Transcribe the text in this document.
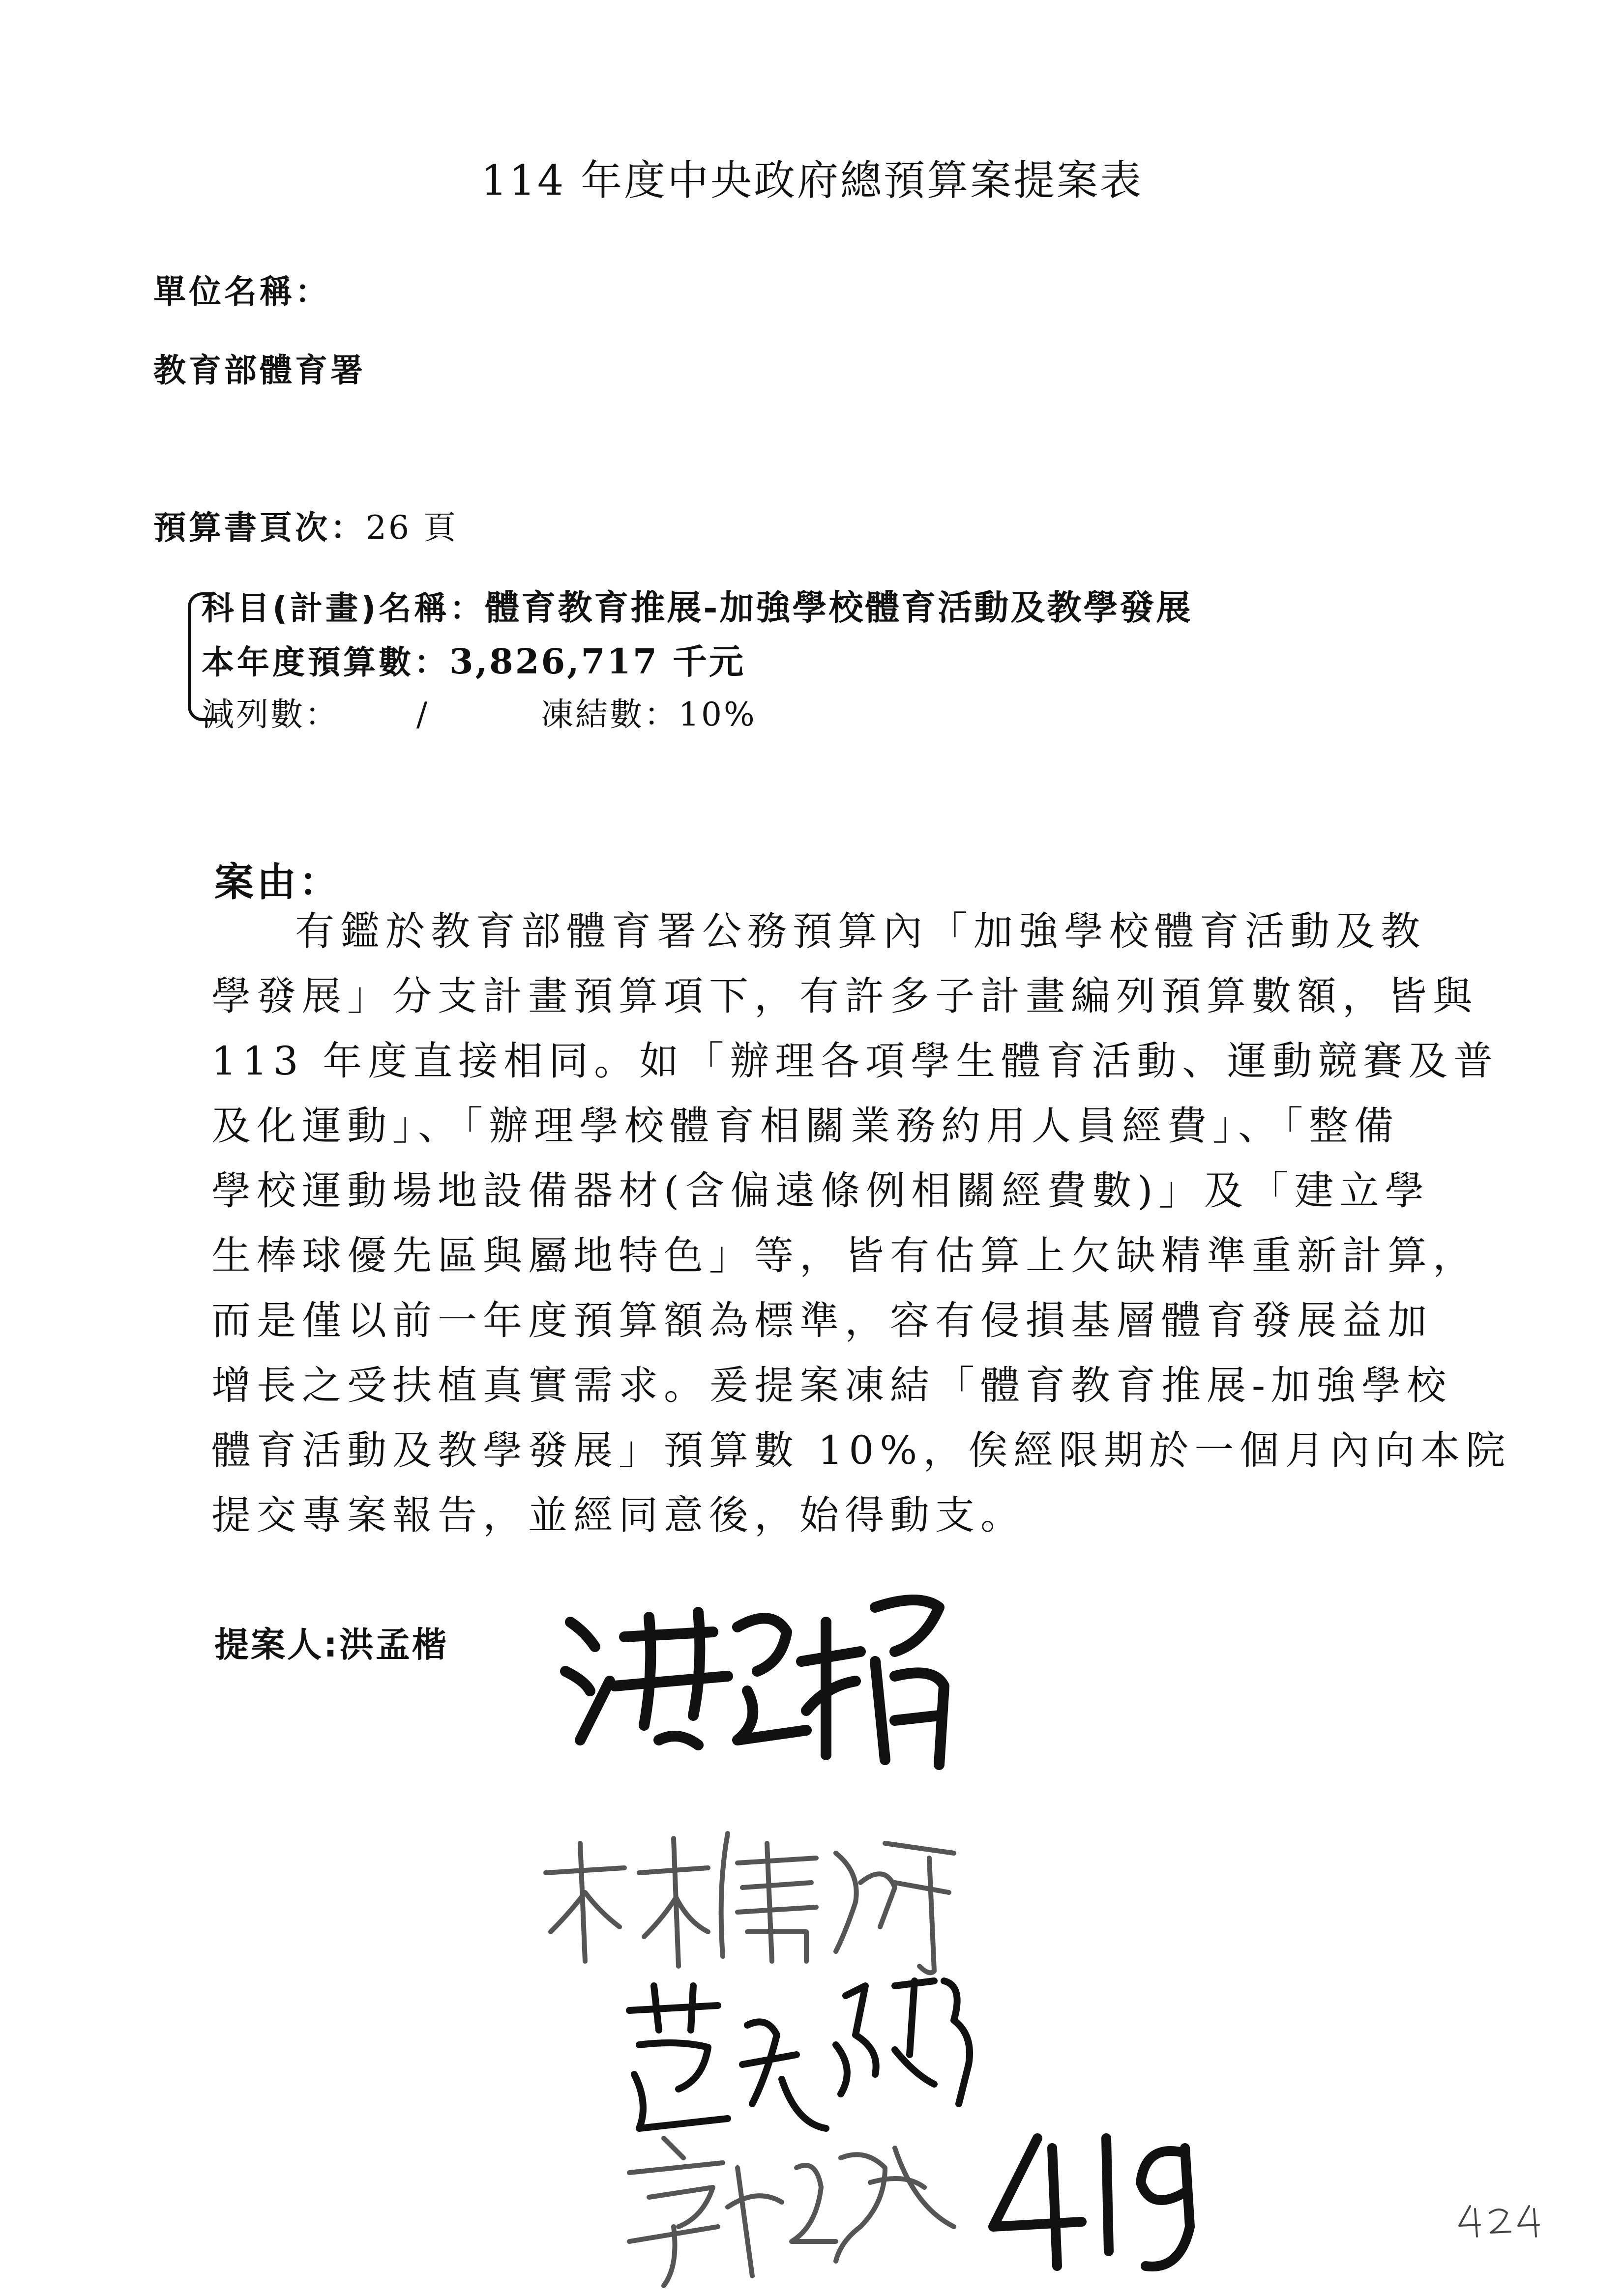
114 年度中央政府總預算案提案表
單位名稱：
教育部體育署
預算書頁次：26 頁
科目(計畫)名稱：體育教育推展-加強學校體育活動及教學發展
本年度預算數：3,826,717 千元
減列數： /	凍結數：10%
案由：
有鑑於教育部體育署公務預算內「加強學校體育活動及教
學發展」分支計畫預算項下，有許多子計畫編列預算數額，皆與
113 年度直接相同。如「辦理各項學生體育活動、運動競賽及普
及化運動」、「辦理學校體育相關業務約用人員經費」、「整備
學校運動場地設備器材(含偏遠條例相關經費數)」及「建立學
生棒球優先區與屬地特色」等，皆有估算上欠缺精準重新計算，
而是僅以前一年度預算額為標準，容有侵損基層體育發展益加
增長之受扶植真實需求。爰提案凍結「體育教育推展-加強學校
體育活動及教學發展」預算數 10%，俟經限期於一個月內向本院
提交專案報告，並經同意後，始得動支。
提案人:洪孟楷
